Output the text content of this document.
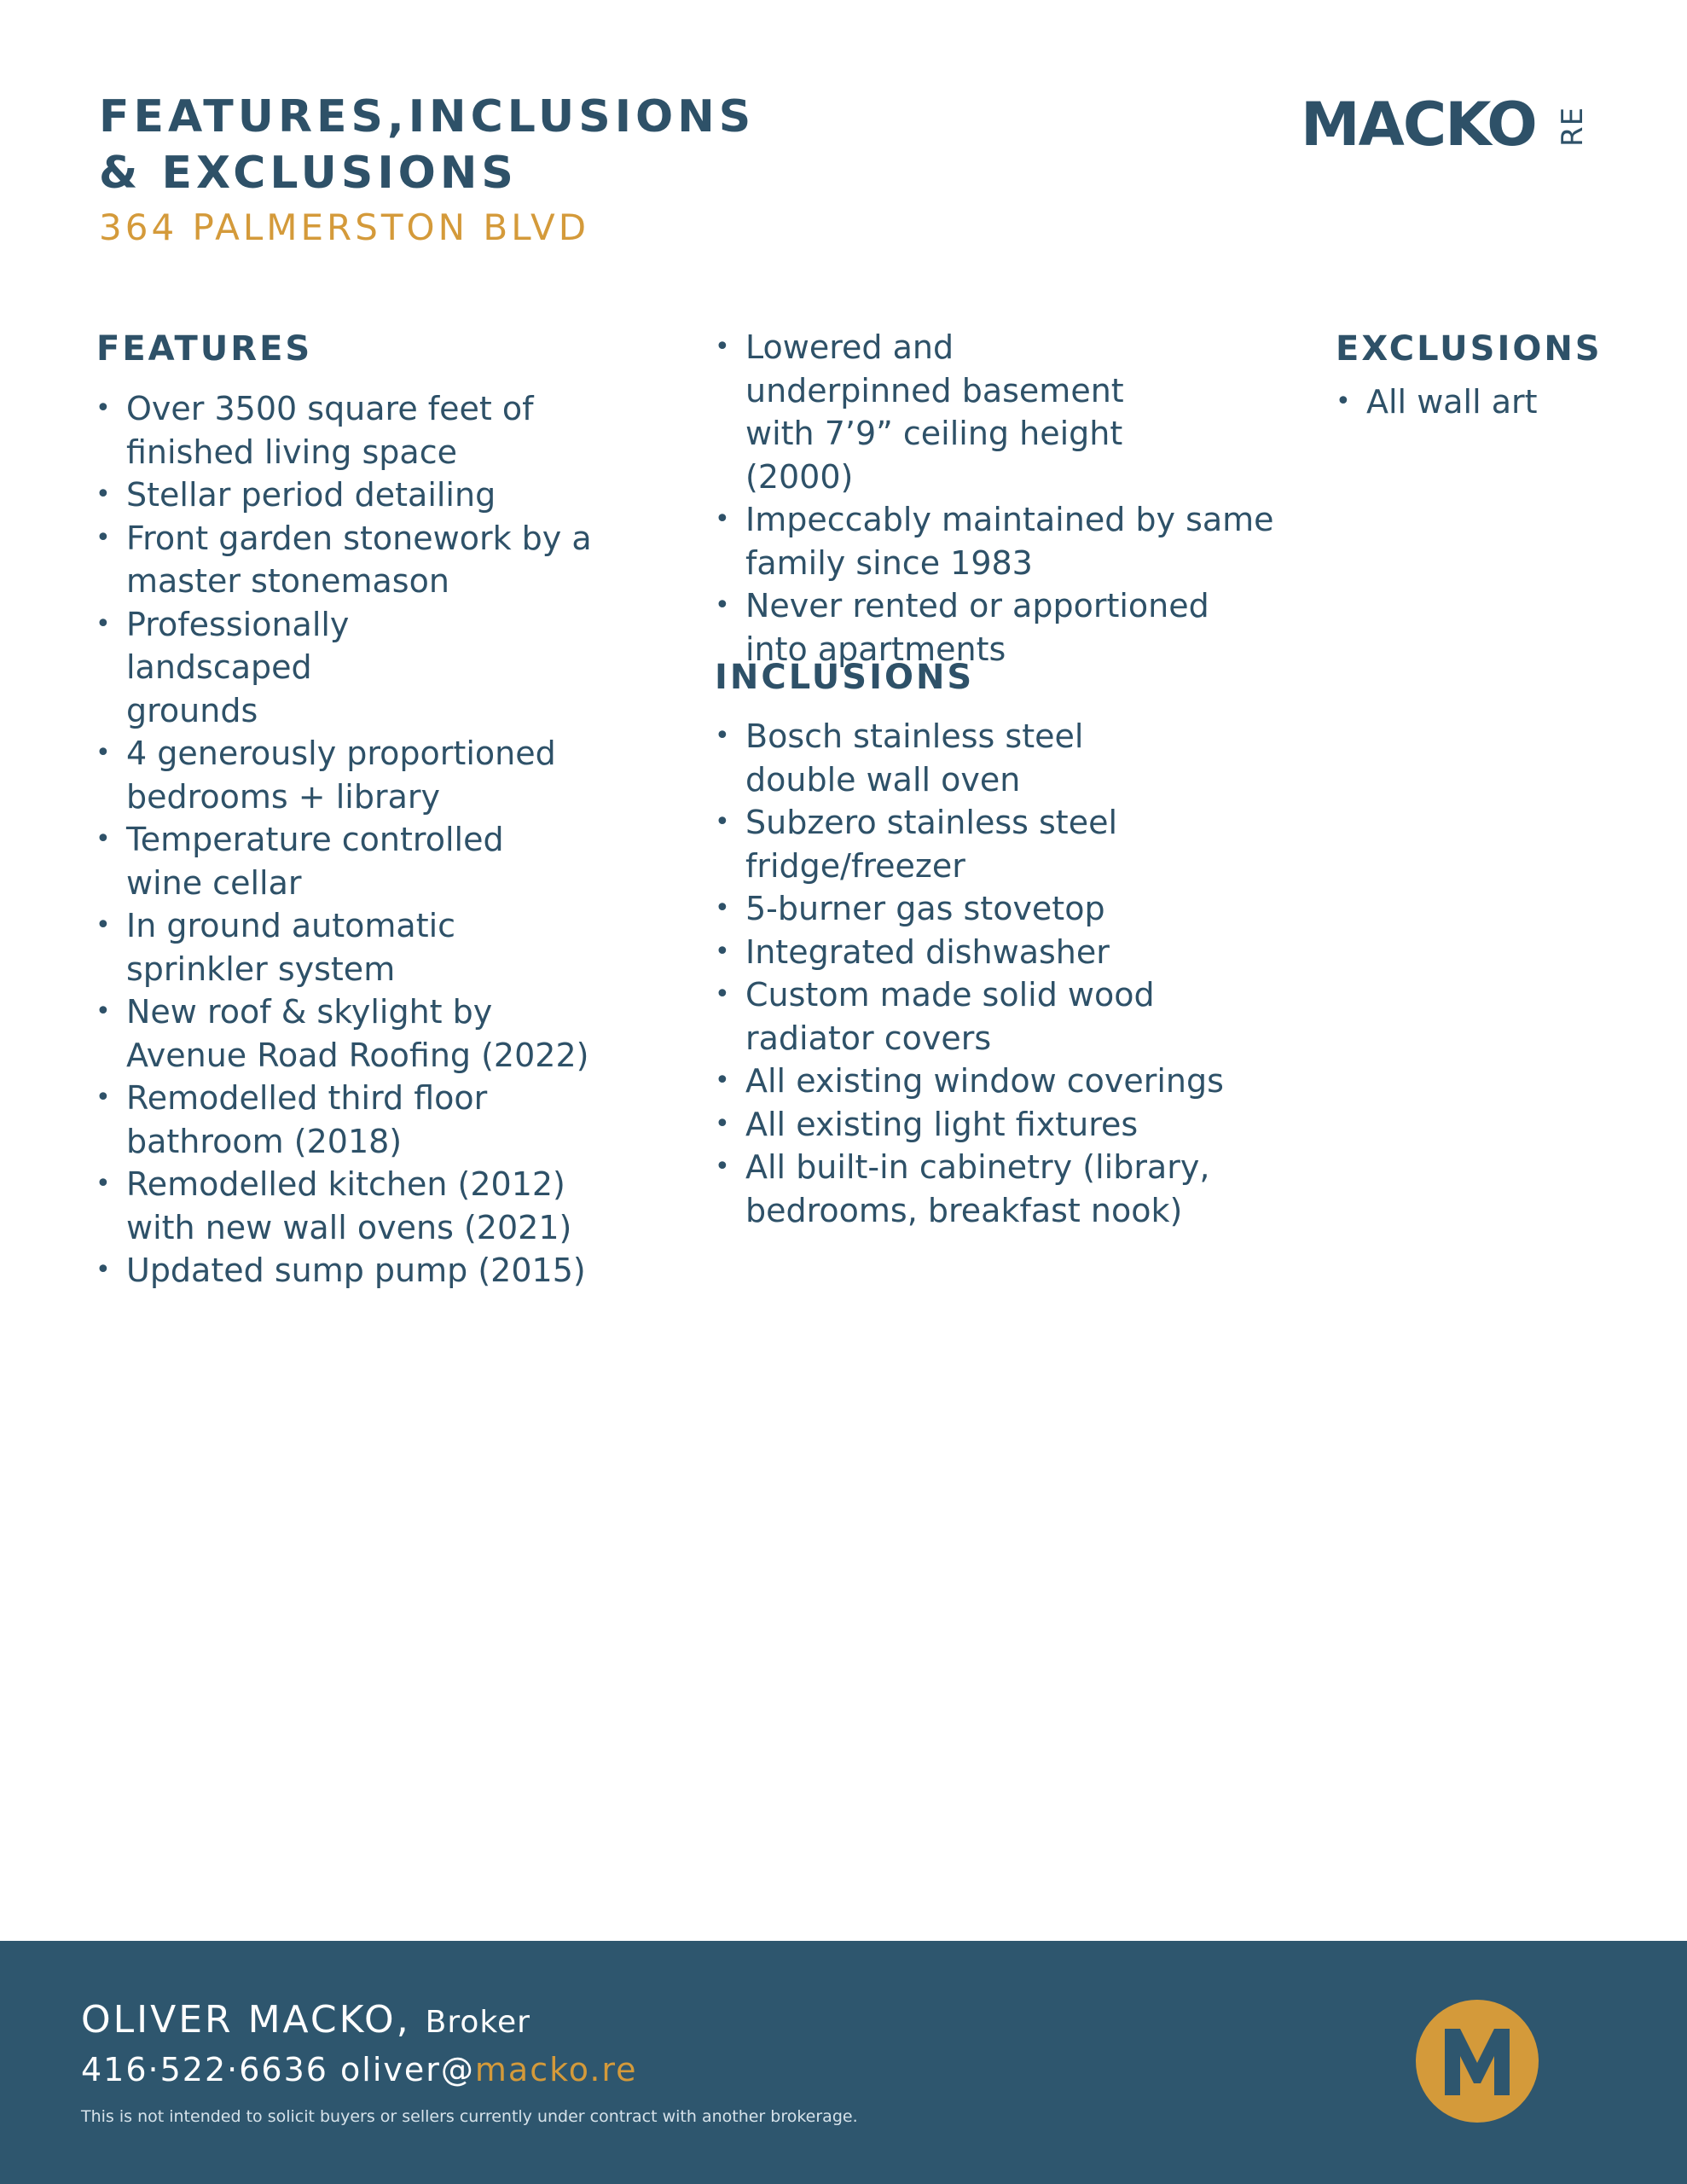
FEATURES,INCLUSIONS
& EXCLUSIONS
364 PALMERSTON BLVD
MACKO RE
FEATURES
• Over 3500 square feet of finished living space
• Stellar period detailing
• Front garden stonework by a master stonemason
• Professionally landscaped grounds
• 4 generously proportioned bedrooms + library
• Temperature controlled wine cellar
• In ground automatic sprinkler system
• New roof & skylight by Avenue Road Roofing (2022)
• Remodelled third floor bathroom (2018)
• Remodelled kitchen (2012) with new wall ovens (2021)
• Updated sump pump (2015)
• Lowered and underpinned basement with 7’9” ceiling height (2000)
• Impeccably maintained by same family since 1983
• Never rented or apportioned into apartments
INCLUSIONS
• Bosch stainless steel double wall oven
• Subzero stainless steel fridge/freezer
• 5-burner gas stovetop
• Integrated dishwasher
• Custom made solid wood radiator covers
• All existing window coverings
• All existing light fixtures
• All built-in cabinetry (library, bedrooms, breakfast nook)
EXCLUSIONS
• All wall art
OLIVER MACKO, Broker
416·522·6636 oliver@macko.re
This is not intended to solicit buyers or sellers currently under contract with another brokerage.
